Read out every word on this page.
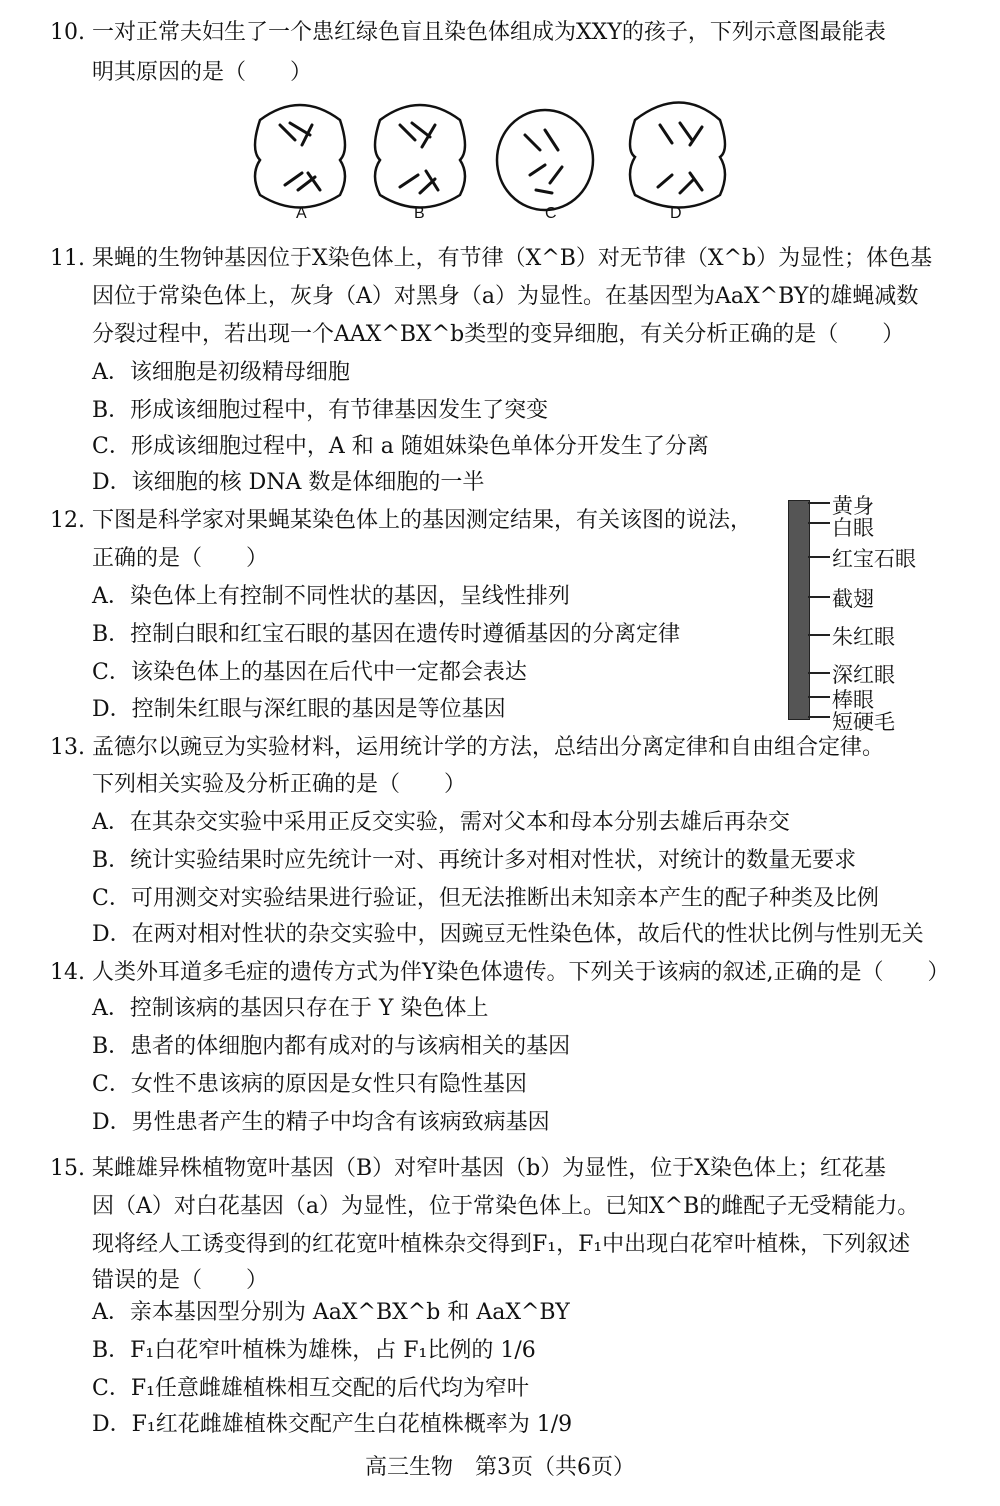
10. 一对正常夫妇生了一个患红绿色盲且染色体组成为XXY的孩子，下列示意图最能表
明其原因的是（　　）
A	B	C	D
11. 果蝇的生物钟基因位于X染色体上，有节律（X^B）对无节律（X^b）为显性；体色基
因位于常染色体上，灰身（A）对黑身（a）为显性。在基因型为AaX^BY的雄蝇减数
分裂过程中，若出现一个AAX^BX^b类型的变异细胞，有关分析正确的是（　　）
A．该细胞是初级精母细胞
B．形成该细胞过程中，有节律基因发生了突变
C．形成该细胞过程中，A 和 a 随姐妹染色单体分开发生了分离
D．该细胞的核 DNA 数是体细胞的一半
12. 下图是科学家对果蝇某染色体上的基因测定结果，有关该图的说法，
正确的是（　　）
A．染色体上有控制不同性状的基因，呈线性排列
B．控制白眼和红宝石眼的基因在遗传时遵循基因的分离定律
C．该染色体上的基因在后代中一定都会表达
D．控制朱红眼与深红眼的基因是等位基因
黄身
白眼
红宝石眼
截翅
朱红眼
深红眼
棒眼
短硬毛
13. 孟德尔以豌豆为实验材料，运用统计学的方法，总结出分离定律和自由组合定律。
下列相关实验及分析正确的是（　　）
A．在其杂交实验中采用正反交实验，需对父本和母本分别去雄后再杂交
B．统计实验结果时应先统计一对、再统计多对相对性状，对统计的数量无要求
C．可用测交对实验结果进行验证，但无法推断出未知亲本产生的配子种类及比例
D．在两对相对性状的杂交实验中，因豌豆无性染色体，故后代的性状比例与性别无关
14. 人类外耳道多毛症的遗传方式为伴Y染色体遗传。下列关于该病的叙述,正确的是（　　）
A．控制该病的基因只存在于 Y 染色体上
B．患者的体细胞内都有成对的与该病相关的基因
C．女性不患该病的原因是女性只有隐性基因
D．男性患者产生的精子中均含有该病致病基因
15. 某雌雄异株植物宽叶基因（B）对窄叶基因（b）为显性，位于X染色体上；红花基
因（A）对白花基因（a）为显性，位于常染色体上。已知X^B的雌配子无受精能力。
现将经人工诱变得到的红花宽叶植株杂交得到F₁，F₁中出现白花窄叶植株，下列叙述
错误的是（　　）
A．亲本基因型分别为 AaX^BX^b 和 AaX^BY
B．F₁白花窄叶植株为雄株，占 F₁比例的 1/6
C．F₁任意雌雄植株相互交配的后代均为窄叶
D．F₁红花雌雄植株交配产生白花植株概率为 1/9
高三生物　第3页（共6页）
